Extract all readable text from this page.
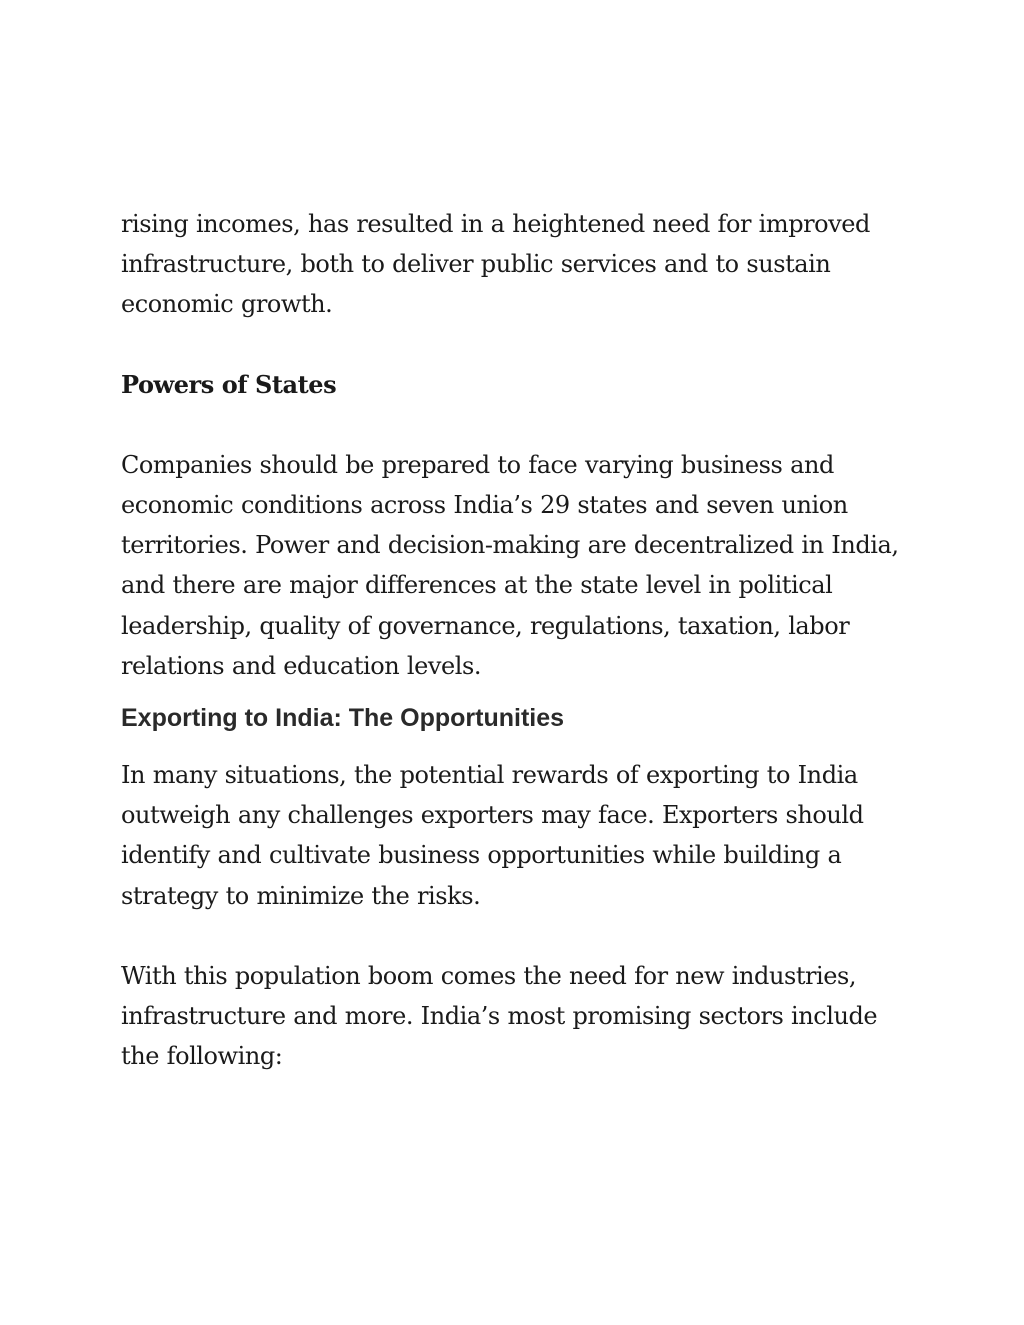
rising incomes, has resulted in a heightened need for improved
infrastructure, both to deliver public services and to sustain
economic growth.

Powers of States

Companies should be prepared to face varying business and
economic conditions across India’s 29 states and seven union
territories. Power and decision-making are decentralized in India,
and there are major differences at the state level in political
leadership, quality of governance, regulations, taxation, labor
relations and education levels.

Exporting to India: The Opportunities

In many situations, the potential rewards of exporting to India
outweigh any challenges exporters may face. Exporters should
identify and cultivate business opportunities while building a
strategy to minimize the risks.

With this population boom comes the need for new industries,
infrastructure and more. India’s most promising sectors include
the following:
